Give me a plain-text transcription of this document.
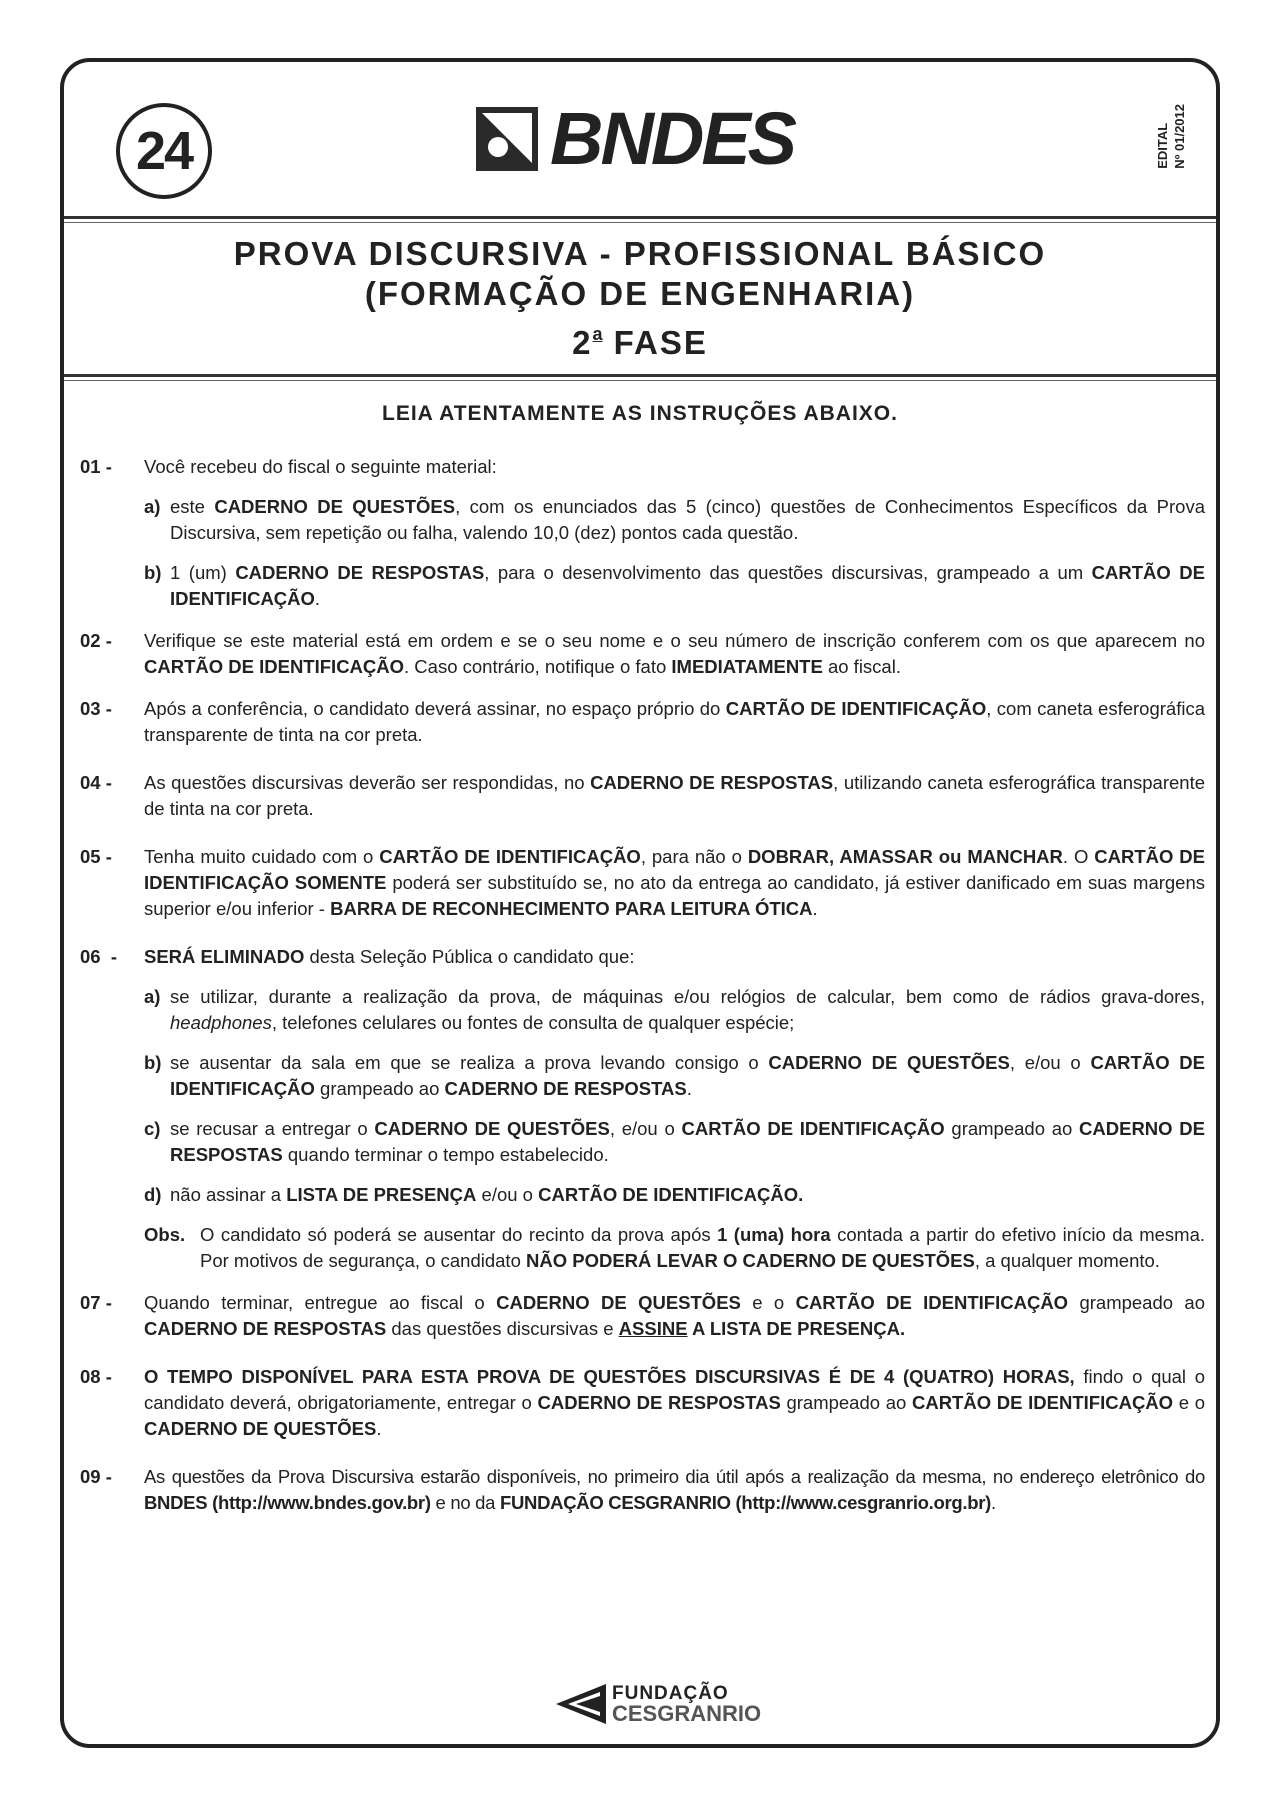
24	BNDES	EDITAL Nº 01/2012
PROVA DISCURSIVA - PROFISSIONAL BÁSICO
(FORMAÇÃO DE ENGENHARIA)
2$^a$ FASE
LEIA ATENTAMENTE AS INSTRUÇÕES ABAIXO.
01 -	Você recebeu do fiscal o seguinte material:
a) este CADERNO DE QUESTÕES, com os enunciados das 5 (cinco) questões de Conhecimentos Específicos da Prova Discursiva, sem repetição ou falha, valendo 10,0 (dez) pontos cada questão.
b) 1 (um) CADERNO DE RESPOSTAS, para o desenvolvimento das questões discursivas, grampeado a um CARTÃO DE IDENTIFICAÇÃO.
02 -	Verifique se este material está em ordem e se o seu nome e o seu número de inscrição conferem com os que aparecem no CARTÃO DE IDENTIFICAÇÃO. Caso contrário, notifique o fato IMEDIATAMENTE ao fiscal.
03 -	Após a conferência, o candidato deverá assinar, no espaço próprio do CARTÃO DE IDENTIFICAÇÃO, com caneta esferográfica transparente de tinta na cor preta.
04 -	As questões discursivas deverão ser respondidas, no CADERNO DE RESPOSTAS, utilizando caneta esferográfica transparente de tinta na cor preta.
05 -	Tenha muito cuidado com o CARTÃO DE IDENTIFICAÇÃO, para não o DOBRAR, AMASSAR ou MANCHAR. O CARTÃO DE IDENTIFICAÇÃO SOMENTE poderá ser substituído se, no ato da entrega ao candidato, já estiver danificado em suas margens superior e/ou inferior - BARRA DE RECONHECIMENTO PARA LEITURA ÓTICA.
06  -	SERÁ ELIMINADO desta Seleção Pública o candidato que:
a) se utilizar, durante a realização da prova, de máquinas e/ou relógios de calcular, bem como de rádios grava-dores, headphones, telefones celulares ou fontes de consulta de qualquer espécie;
b) se ausentar da sala em que se realiza a prova levando consigo o CADERNO DE QUESTÕES, e/ou o CARTÃO DE IDENTIFICAÇÃO grampeado ao CADERNO DE RESPOSTAS.
c) se recusar a entregar o CADERNO DE QUESTÕES, e/ou o CARTÃO DE IDENTIFICAÇÃO grampeado ao CADERNO DE RESPOSTAS quando terminar o tempo estabelecido.
d) não assinar a LISTA DE PRESENÇA e/ou o CARTÃO DE IDENTIFICAÇÃO.
Obs. O candidato só poderá se ausentar do recinto da prova após 1 (uma) hora contada a partir do efetivo início da mesma. Por motivos de segurança, o candidato NÃO PODERÁ LEVAR O CADERNO DE QUESTÕES, a qualquer momento.
07 -	Quando terminar, entregue ao fiscal o CADERNO DE QUESTÕES e o CARTÃO DE IDENTIFICAÇÃO grampeado ao CADERNO DE RESPOSTAS das questões discursivas e ASSINE A LISTA DE PRESENÇA.
08 -	O TEMPO DISPONÍVEL PARA ESTA PROVA DE QUESTÕES DISCURSIVAS É DE 4 (QUATRO) HORAS, findo o qual o candidato deverá, obrigatoriamente, entregar o CADERNO DE RESPOSTAS grampeado ao CARTÃO DE IDENTIFICAÇÃO e o CADERNO DE QUESTÕES.
09 -	As questões da Prova Discursiva estarão disponíveis, no primeiro dia útil após a realização da mesma, no endereço eletrônico do BNDES (http://www.bndes.gov.br) e no da FUNDAÇÃO CESGRANRIO (http://www.cesgranrio.org.br).
FUNDAÇÃO
CESGRANRIO
